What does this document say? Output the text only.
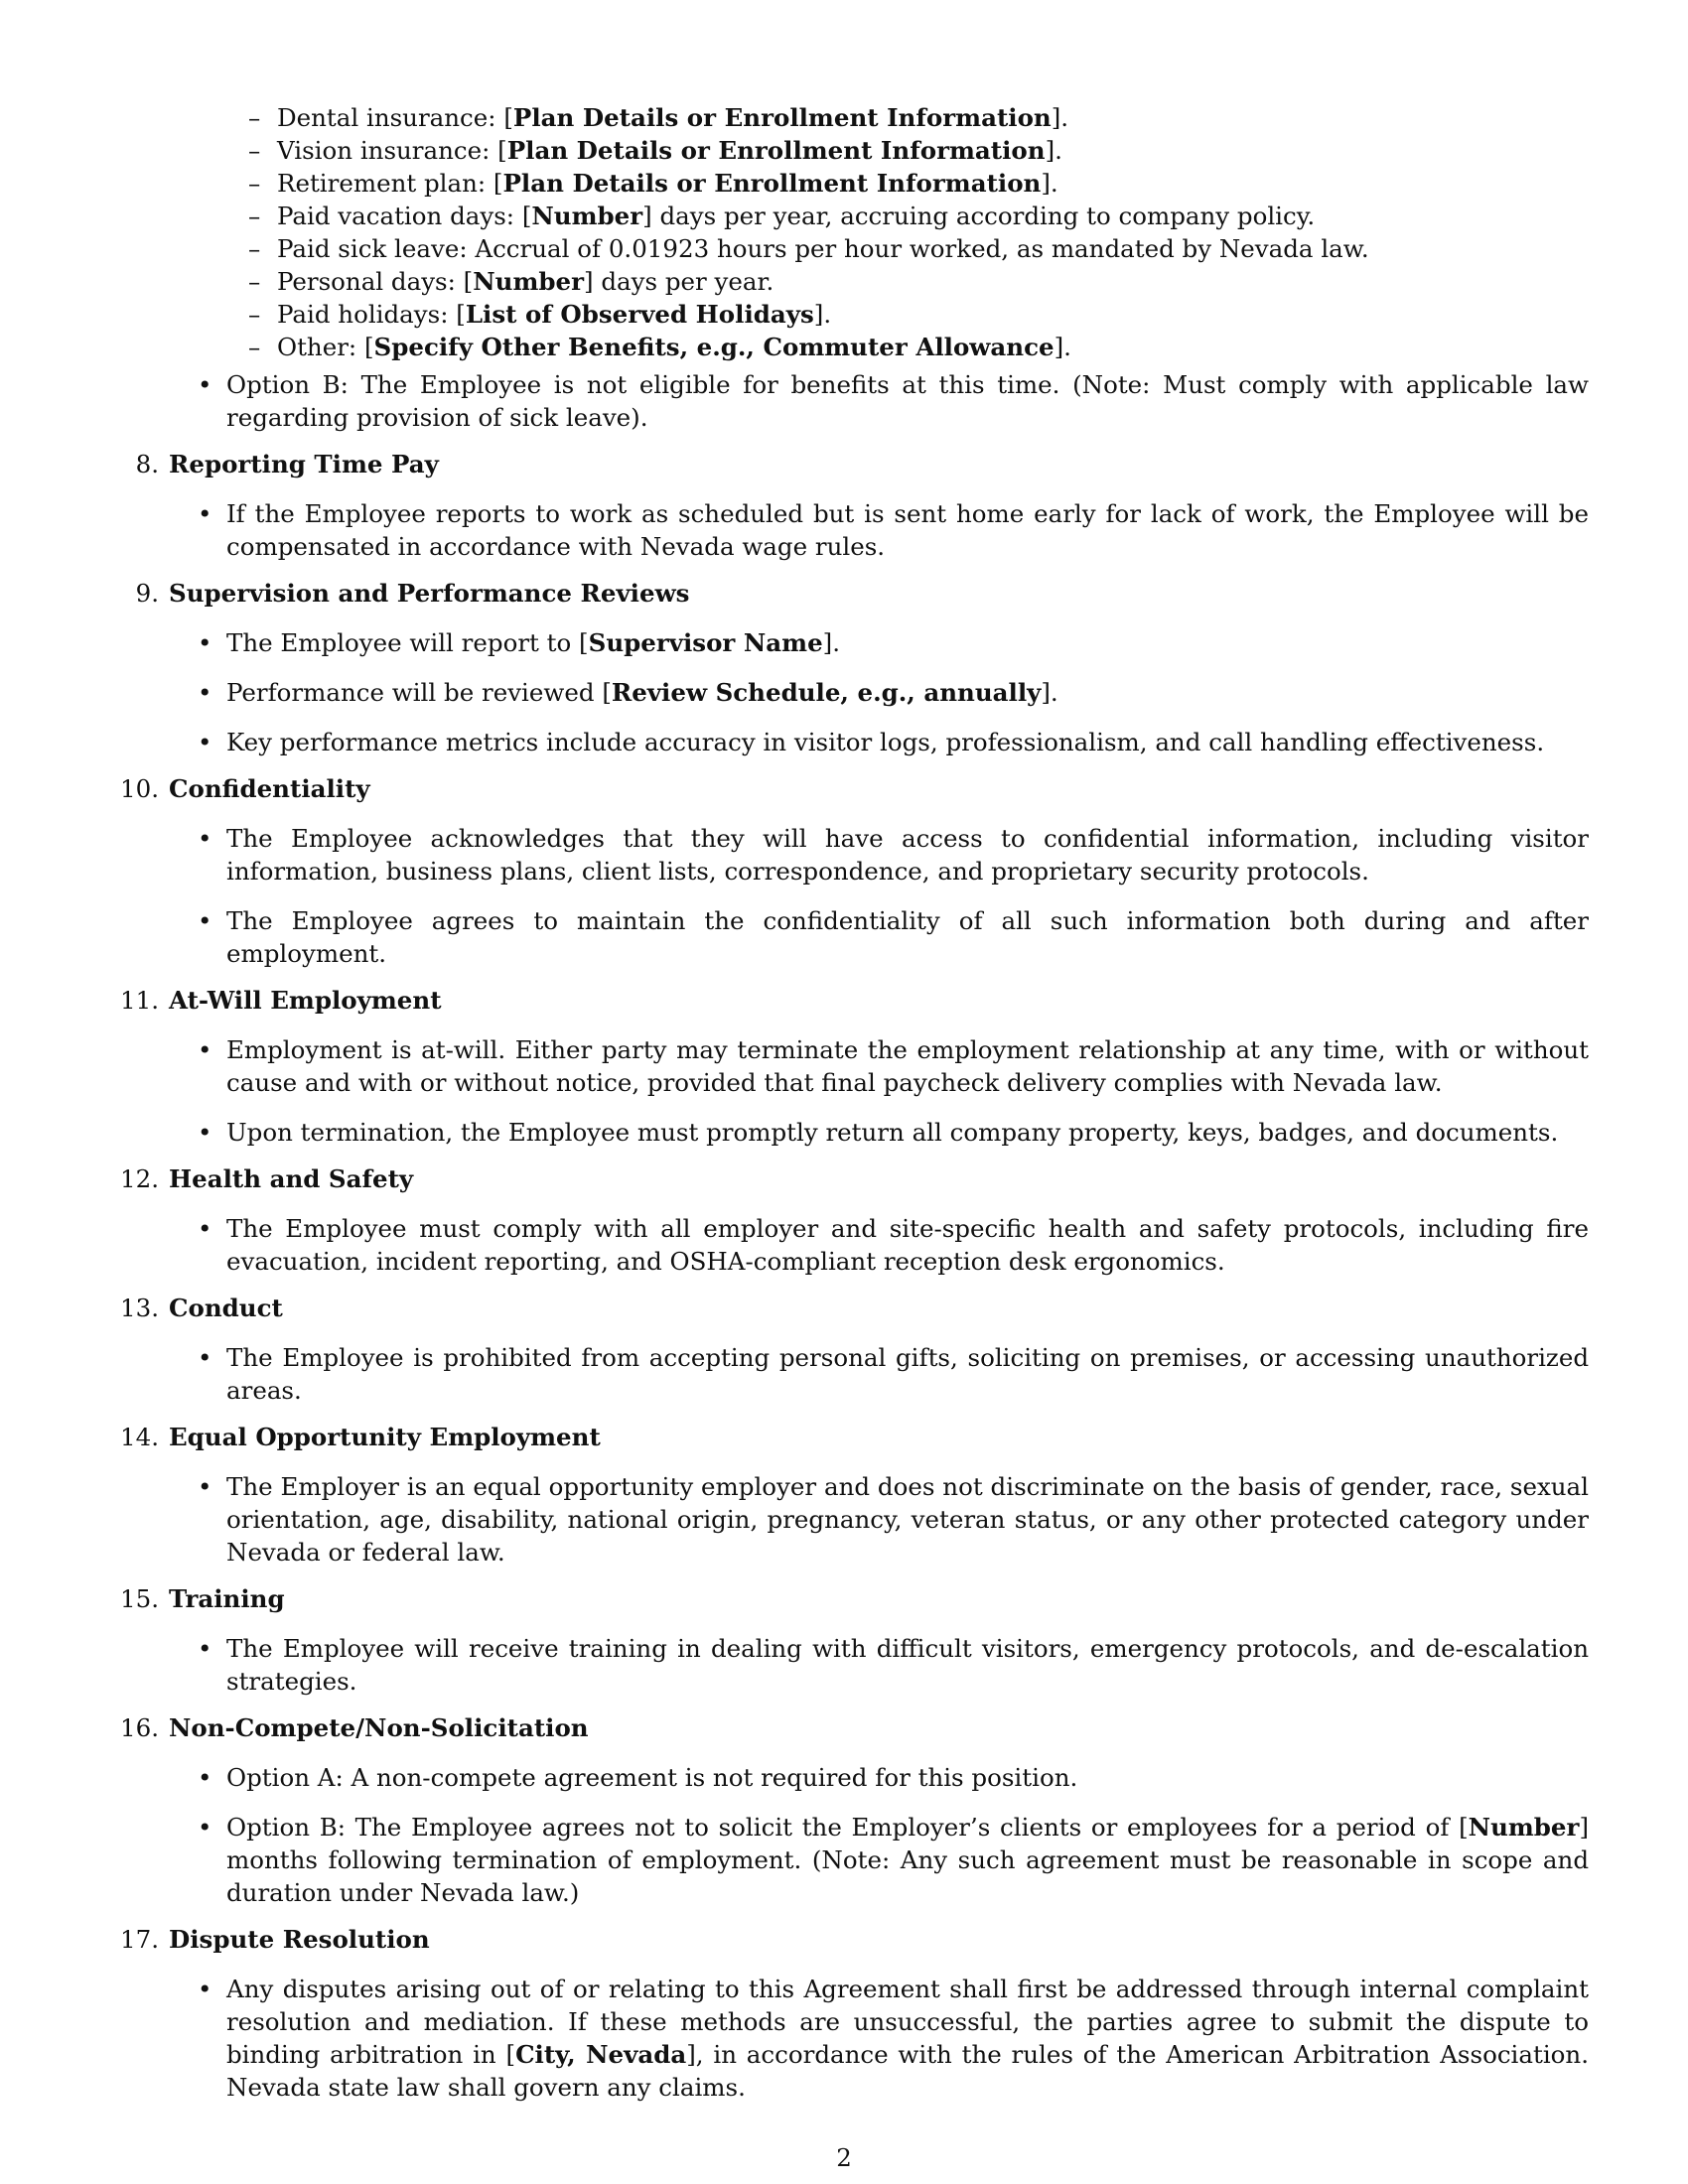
– Dental insurance: [Plan Details or Enrollment Information].

– Vision insurance: [Plan Details or Enrollment Information].

– Retirement plan: [Plan Details or Enrollment Information].

– Paid vacation days: [Number] days per year, accruing according to company policy.

– Paid sick leave: Accrual of 0.01923 hours per hour worked, as mandated by Nevada law.

– Personal days: [Number] days per year.

– Paid holidays: [List of Observed Holidays].

– Other: [Specify Other Benefits, e.g., Commuter Allowance].

• Option B: The Employee is not eligible for benefits at this time. (Note: Must comply with applicable law regarding provision of sick leave).

8. Reporting Time Pay
• If the Employee reports to work as scheduled but is sent home early for lack of work, the Employee will be compensated in accordance with Nevada wage rules.

9. Supervision and Performance Reviews
• The Employee will report to [Supervisor Name].

• Performance will be reviewed [Review Schedule, e.g., annually].

• Key performance metrics include accuracy in visitor logs, professionalism, and call handling effectiveness.

10. Confidentiality
• The Employee acknowledges that they will have access to confidential information, including visitor information, business plans, client lists, correspondence, and proprietary security protocols.

• The Employee agrees to maintain the confidentiality of all such information both during and after employment.

11. At-Will Employment
• Employment is at-will. Either party may terminate the employment relationship at any time, with or without cause and with or without notice, provided that final paycheck delivery complies with Nevada law.

• Upon termination, the Employee must promptly return all company property, keys, badges, and documents.

12. Health and Safety
• The Employee must comply with all employer and site-specific health and safety protocols, including fire evacuation, incident reporting, and OSHA-compliant reception desk ergonomics.

13. Conduct
• The Employee is prohibited from accepting personal gifts, soliciting on premises, or accessing unauthorized areas.

14. Equal Opportunity Employment
• The Employer is an equal opportunity employer and does not discriminate on the basis of gender, race, sexual orientation, age, disability, national origin, pregnancy, veteran status, or any other protected category under Nevada or federal law.

15. Training
• The Employee will receive training in dealing with difficult visitors, emergency protocols, and de-escalation strategies.

16. Non-Compete/Non-Solicitation
• Option A: A non-compete agreement is not required for this position.

• Option B: The Employee agrees not to solicit the Employer’s clients or employees for a period of [Number] months following termination of employment. (Note: Any such agreement must be reasonable in scope and duration under Nevada law.)

17. Dispute Resolution
• Any disputes arising out of or relating to this Agreement shall first be addressed through internal complaint resolution and mediation. If these methods are unsuccessful, the parties agree to submit the dispute to binding arbitration in [City, Nevada], in accordance with the rules of the American Arbitration Association. Nevada state law shall govern any claims.

2
